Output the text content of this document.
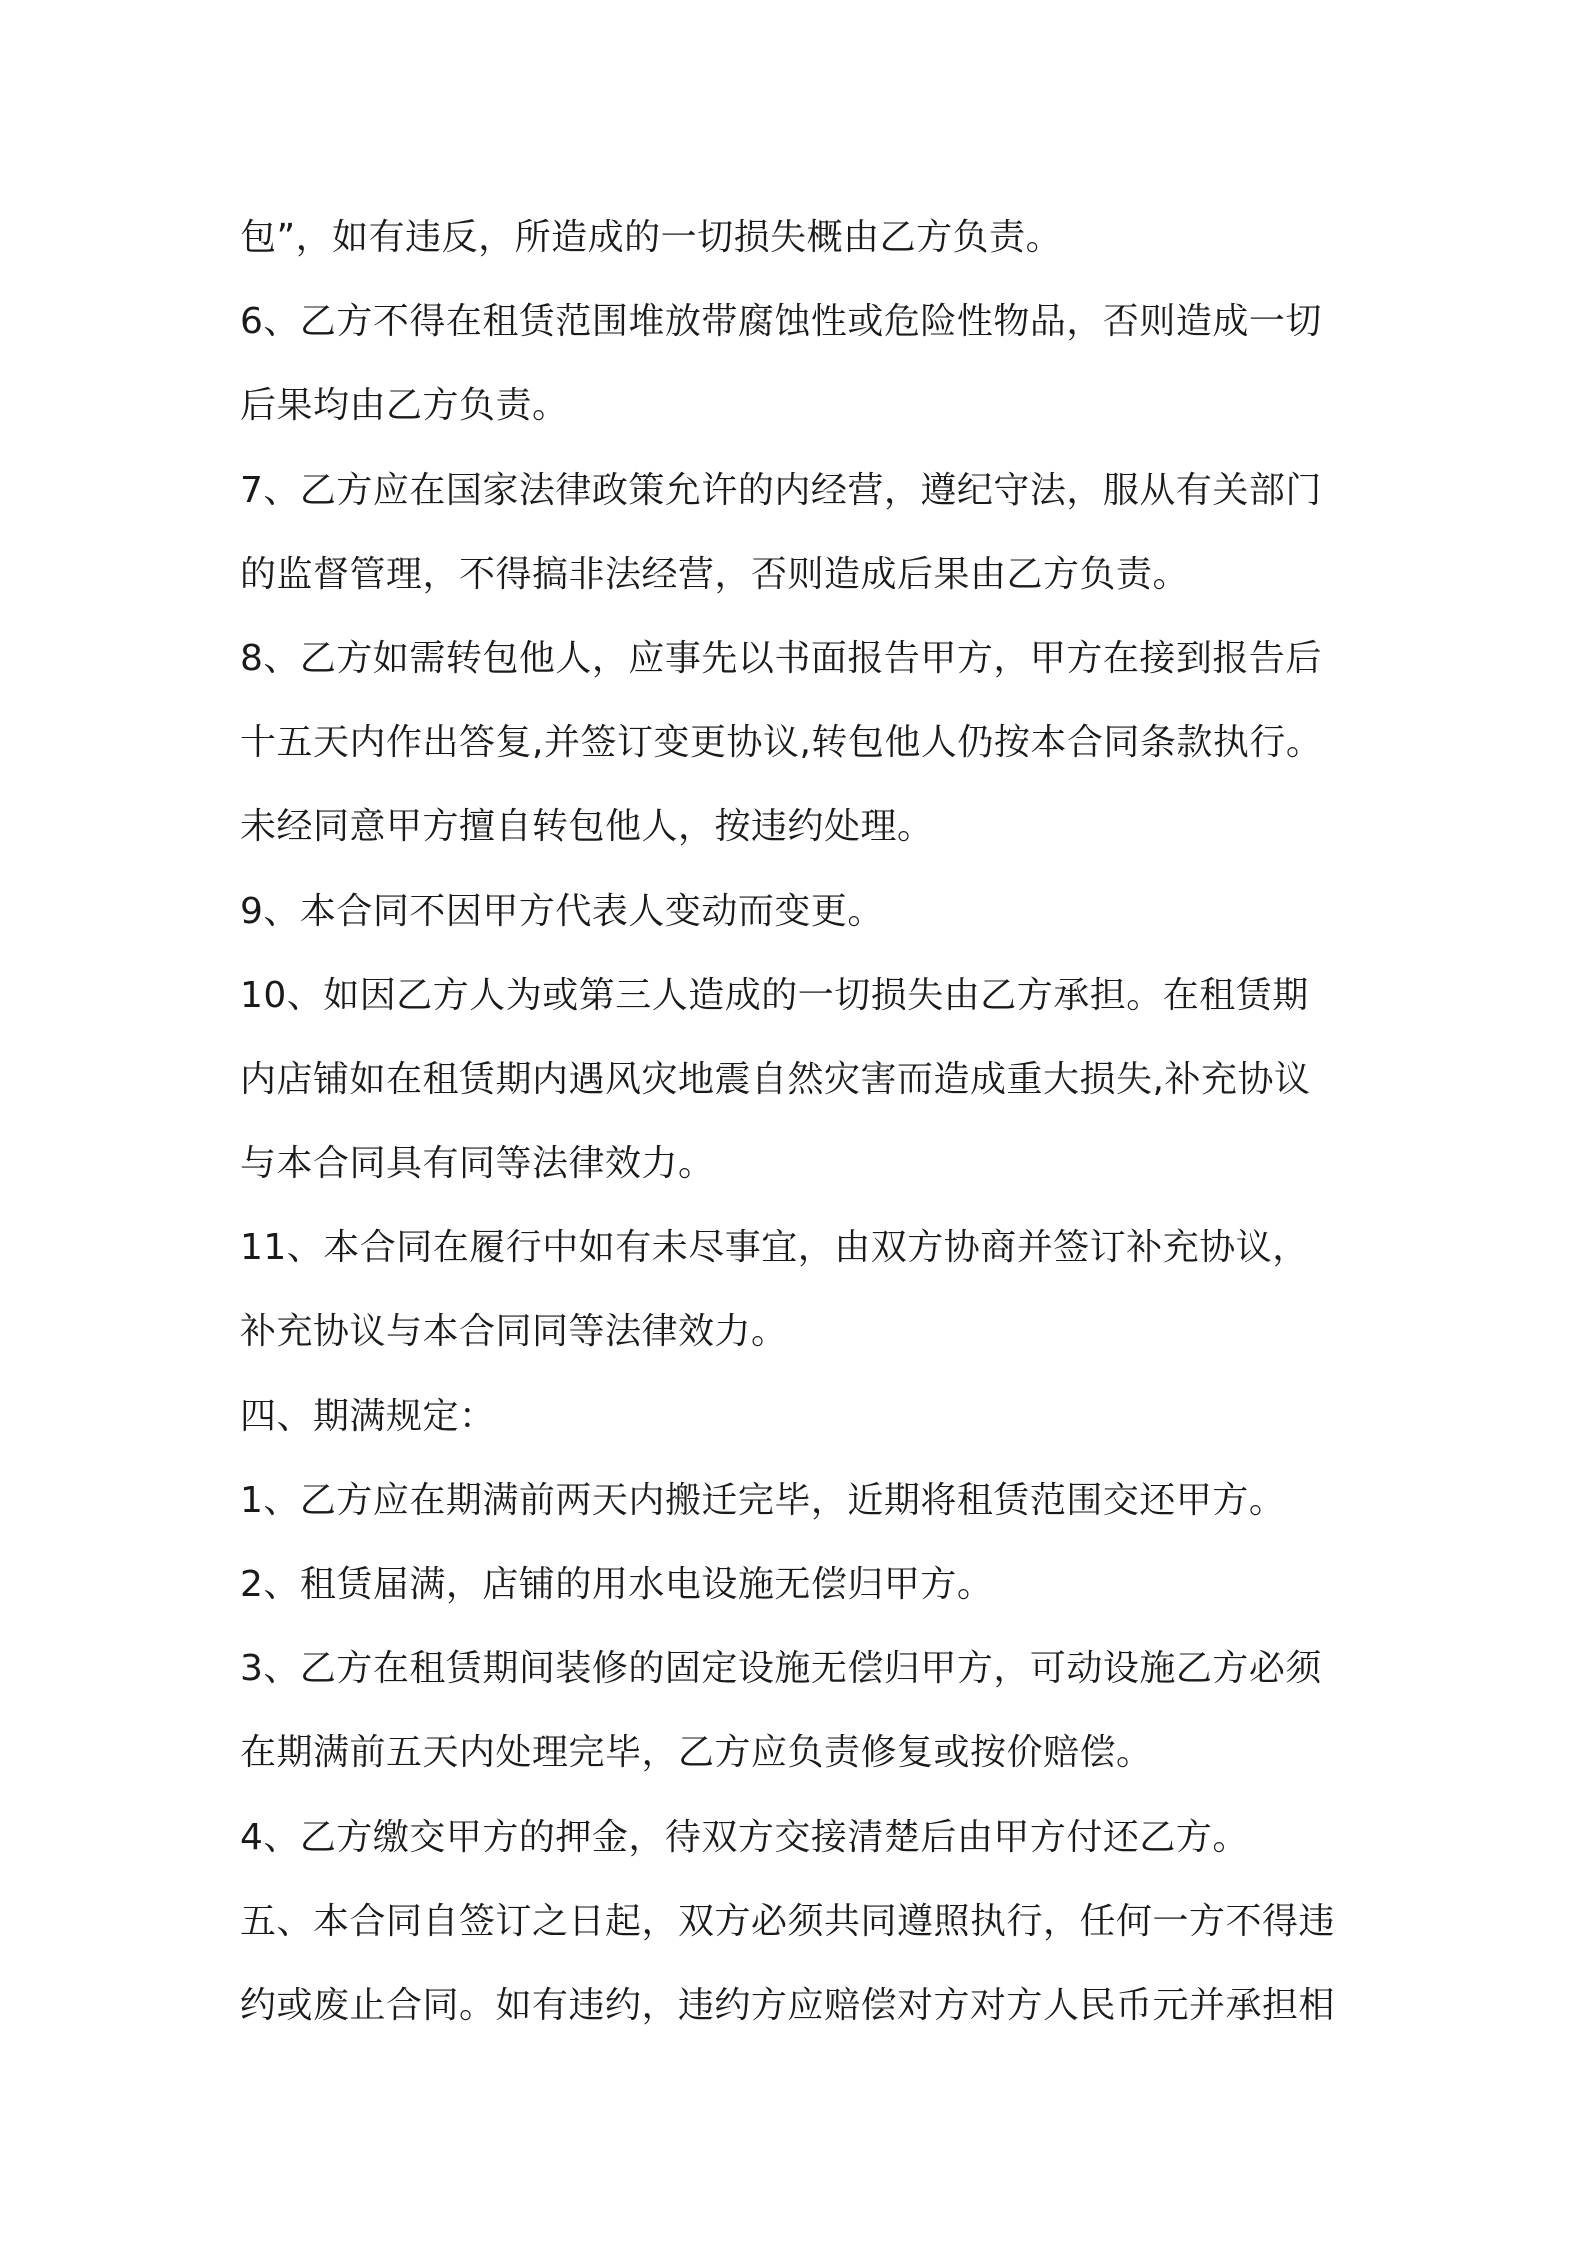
包”，如有违反，所造成的一切损失概由乙方负责。
6、乙方不得在租赁范围堆放带腐蚀性或危险性物品，否则造成一切
后果均由乙方负责。
7、乙方应在国家法律政策允许的内经营，遵纪守法，服从有关部门
的监督管理，不得搞非法经营，否则造成后果由乙方负责。
8、乙方如需转包他人，应事先以书面报告甲方，甲方在接到报告后
十五天内作出答复,并签订变更协议,转包他人仍按本合同条款执行。
未经同意甲方擅自转包他人，按违约处理。
9、本合同不因甲方代表人变动而变更。
10、如因乙方人为或第三人造成的一切损失由乙方承担。在租赁期
内店铺如在租赁期内遇风灾地震自然灾害而造成重大损失,补充协议
与本合同具有同等法律效力。
11、本合同在履行中如有未尽事宜，由双方协商并签订补充协议，
补充协议与本合同同等法律效力。
四、期满规定：
1、乙方应在期满前两天内搬迁完毕，近期将租赁范围交还甲方。
2、租赁届满，店铺的用水电设施无偿归甲方。
3、乙方在租赁期间装修的固定设施无偿归甲方，可动设施乙方必须
在期满前五天内处理完毕，乙方应负责修复或按价赔偿。
4、乙方缴交甲方的押金，待双方交接清楚后由甲方付还乙方。
五、本合同自签订之日起，双方必须共同遵照执行，任何一方不得违
约或废止合同。如有违约，违约方应赔偿对方对方人民币元并承担相
